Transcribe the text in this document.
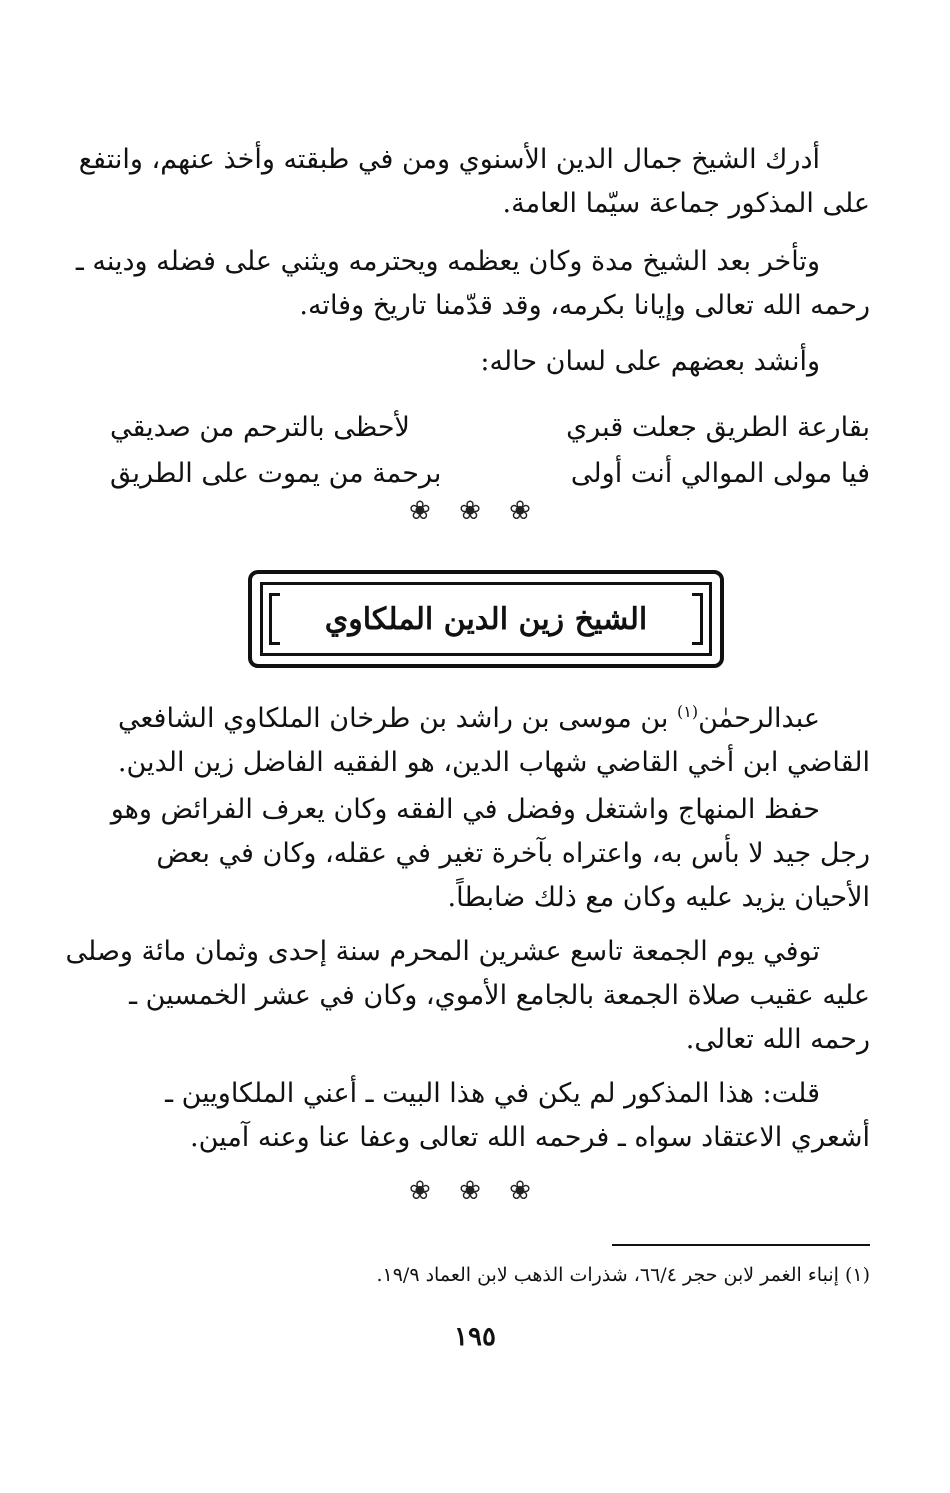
أدرك الشيخ جمال الدين الأسنوي ومن في طبقته وأخذ عنهم، وانتفع
على المذكور جماعة سيّما العامة.
وتأخر بعد الشيخ مدة وكان يعظمه ويحترمه ويثني على فضله ودينه ـ
رحمه الله تعالى وإيانا بكرمه، وقد قدّمنا تاريخ وفاته.
وأنشد بعضهم على لسان حاله:
بقارعة الطريق جعلت قبري
لأحظى بالترحم من صديقي
فيا مولى الموالي أنت أولى
برحمة من يموت على الطريق
❀ ❀ ❀
الشيخ زين الدين الملكاوي
عبدالرحمٰن$^{(١)}$ بن موسى بن راشد بن طرخان الملكاوي الشافعي
القاضي ابن أخي القاضي شهاب الدين، هو الفقيه الفاضل زين الدين.
حفظ المنهاج واشتغل وفضل في الفقه وكان يعرف الفرائض وهو
رجل جيد لا بأس به، واعتراه بآخرة تغير في عقله، وكان في بعض
الأحيان يزيد عليه وكان مع ذلك ضابطاً.
توفي يوم الجمعة تاسع عشرين المحرم سنة إحدى وثمان مائة وصلى
عليه عقيب صلاة الجمعة بالجامع الأموي، وكان في عشر الخمسين ـ
رحمه الله تعالى.
قلت: هذا المذكور لم يكن في هذا البيت ـ أعني الملكاويين ـ
أشعري الاعتقاد سواه ـ فرحمه الله تعالى وعفا عنا وعنه آمين.
❀ ❀ ❀
(١) إنباء الغمر لابن حجر ٦٦/٤، شذرات الذهب لابن العماد ١٩/٩.
١٩٥
